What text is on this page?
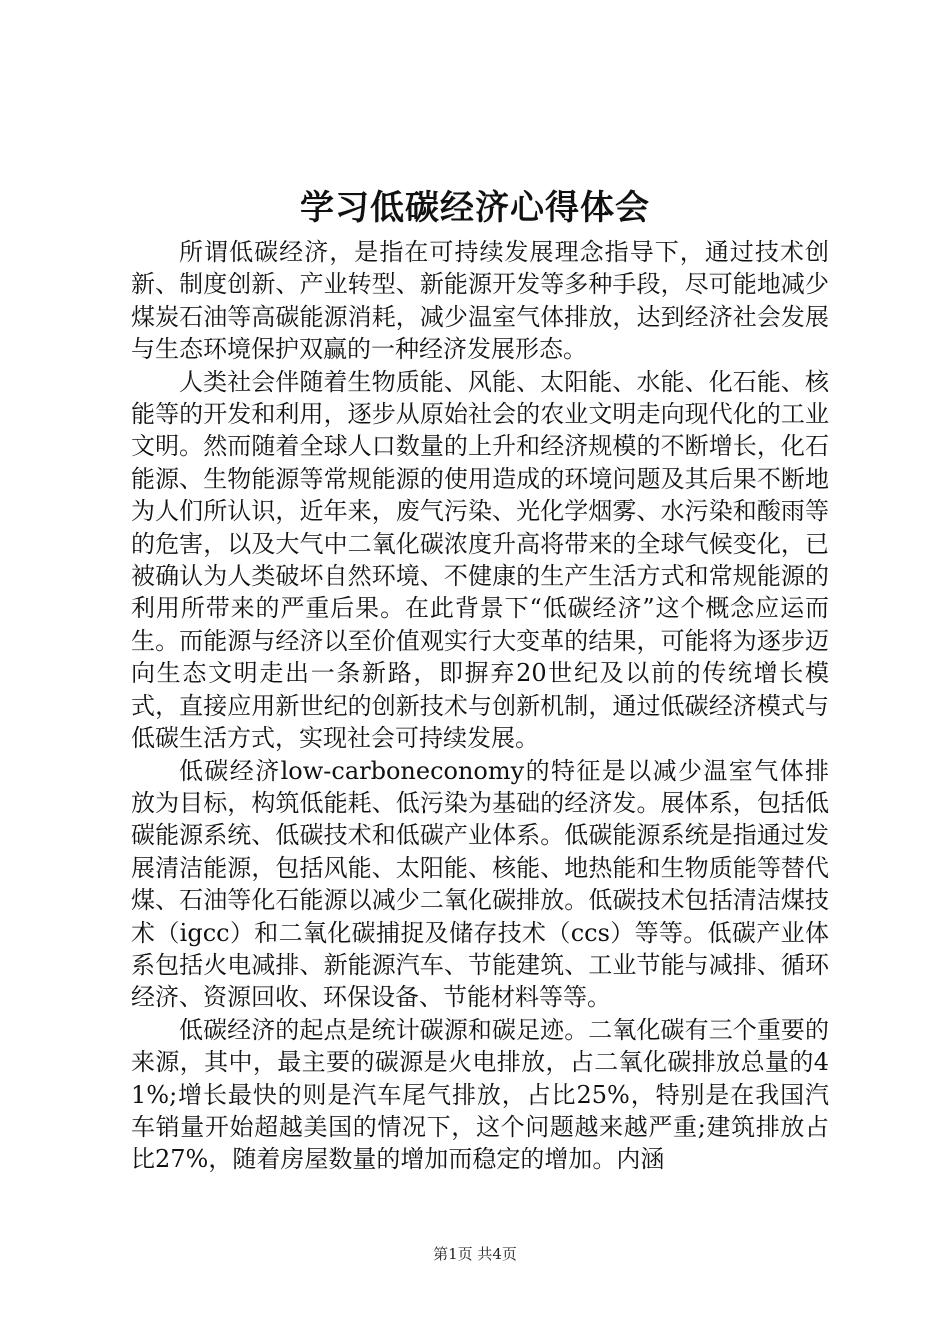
学习低碳经济心得体会

所谓低碳经济，是指在可持续发展理念指导下，通过技术创新、制度创新、产业转型、新能源开发等多种手段，尽可能地减少煤炭石油等高碳能源消耗，减少温室气体排放，达到经济社会发展与生态环境保护双赢的一种经济发展形态。

人类社会伴随着生物质能、风能、太阳能、水能、化石能、核能等的开发和利用，逐步从原始社会的农业文明走向现代化的工业文明。然而随着全球人口数量的上升和经济规模的不断增长，化石能源、生物能源等常规能源的使用造成的环境问题及其后果不断地为人们所认识，近年来，废气污染、光化学烟雾、水污染和酸雨等的危害，以及大气中二氧化碳浓度升高将带来的全球气候变化，已被确认为人类破坏自然环境、不健康的生产生活方式和常规能源的利用所带来的严重后果。在此背景下“低碳经济”这个概念应运而生。而能源与经济以至价值观实行大变革的结果，可能将为逐步迈向生态文明走出一条新路，即摒弃20世纪及以前的传统增长模式，直接应用新世纪的创新技术与创新机制，通过低碳经济模式与低碳生活方式，实现社会可持续发展。

低碳经济low-carboneconomy的特征是以减少温室气体排放为目标，构筑低能耗、低污染为基础的经济发。展体系，包括低碳能源系统、低碳技术和低碳产业体系。低碳能源系统是指通过发展清洁能源，包括风能、太阳能、核能、地热能和生物质能等替代煤、石油等化石能源以减少二氧化碳排放。低碳技术包括清洁煤技术（igcc）和二氧化碳捕捉及储存技术（ccs）等等。低碳产业体系包括火电减排、新能源汽车、节能建筑、工业节能与减排、循环经济、资源回收、环保设备、节能材料等等。

低碳经济的起点是统计碳源和碳足迹。二氧化碳有三个重要的来源，其中，最主要的碳源是火电排放，占二氧化碳排放总量的41%;增长最快的则是汽车尾气排放，占比25%，特别是在我国汽车销量开始超越美国的情况下，这个问题越来越严重;建筑排放占比27%，随着房屋数量的增加而稳定的增加。内涵

第1页 共4页
